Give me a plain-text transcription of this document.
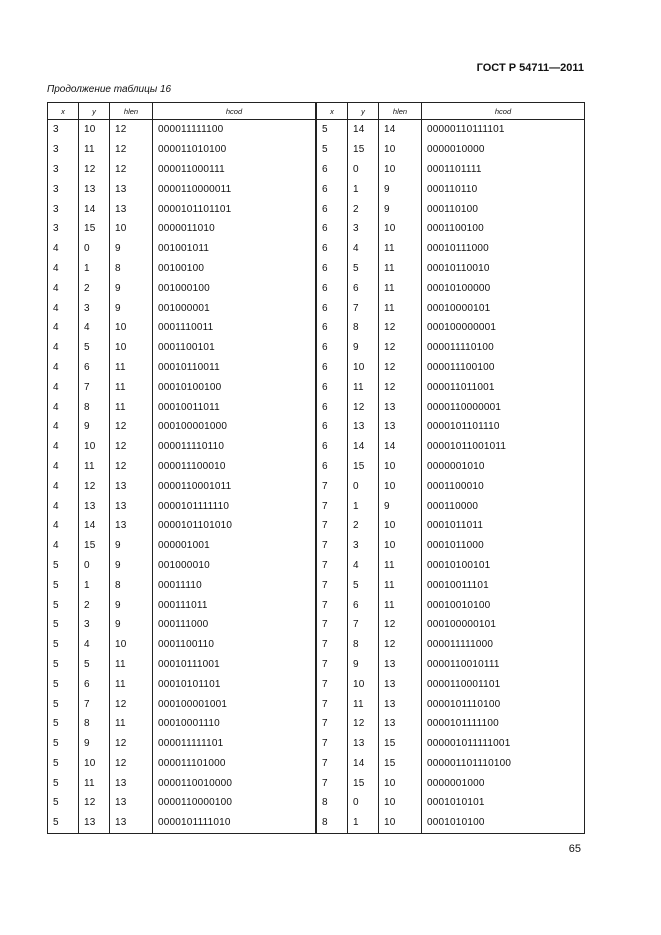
ГОСТ Р 54711—2011
Продолжение таблицы 16
x	y	hlen	hcod
3	10	12	000011111100
3	11	12	000011010100
3	12	12	000011000111
3	13	13	0000110000011
3	14	13	0000101101101
3	15	10	0000011010
4	0	9	001001011
4	1	8	00100100
4	2	9	001000100
4	3	9	001000001
4	4	10	0001110011
4	5	10	0001100101
4	6	11	00010110011
4	7	11	00010100100
4	8	11	00010011011
4	9	12	000100001000
4	10	12	000011110110
4	11	12	000011100010
4	12	13	0000110001011
4	13	13	0000101111110
4	14	13	0000101101010
4	15	9	000001001
5	0	9	001000010
5	1	8	00011110
5	2	9	000111011
5	3	9	000111000
5	4	10	0001100110
5	5	11	00010111001
5	6	11	00010101101
5	7	12	000100001001
5	8	11	00010001110
5	9	12	000011111101
5	10	12	000011101000
5	11	13	0000110010000
5	12	13	0000110000100
5	13	13	0000101111010
x	y	hlen	hcod
5	14	14	00000110111101
5	15	10	0000010000
6	0	10	0001101111
6	1	9	000110110
6	2	9	000110100
6	3	10	0001100100
6	4	11	00010111000
6	5	11	00010110010
6	6	11	00010100000
6	7	11	00010000101
6	8	12	000100000001
6	9	12	000011110100
6	10	12	000011100100
6	11	12	000011011001
6	12	13	0000110000001
6	13	13	0000101101110
6	14	14	00001011001011
6	15	10	0000001010
7	0	10	0001100010
7	1	9	000110000
7	2	10	0001011011
7	3	10	0001011000
7	4	11	00010100101
7	5	11	00010011101
7	6	11	00010010100
7	7	12	000100000101
7	8	12	000011111000
7	9	13	0000110010111
7	10	13	0000110001101
7	11	13	0000101110100
7	12	13	0000101111100
7	13	15	000001011111001
7	14	15	000001101110100
7	15	10	0000001000
8	0	10	0001010101
8	1	10	0001010100
65
